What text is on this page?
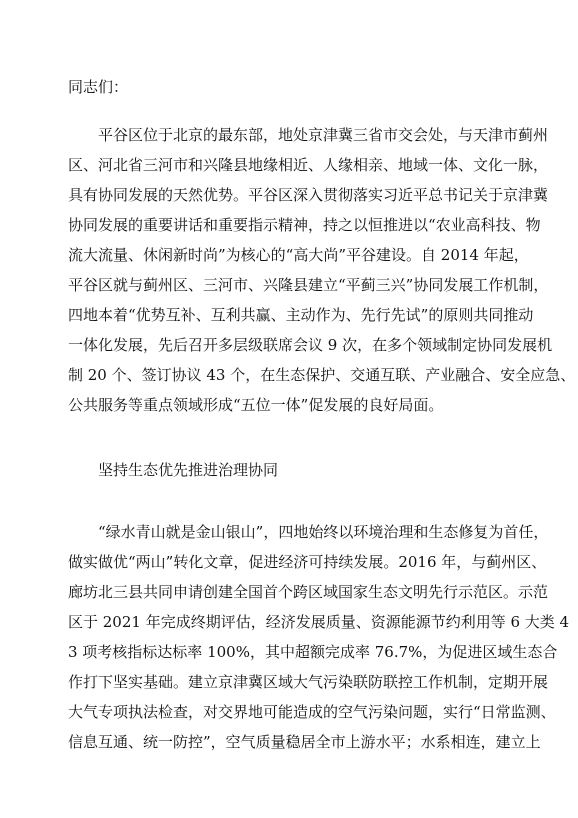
同志们：
平谷区位于北京的最东部，地处京津冀三省市交会处，与天津市蓟州
区、河北省三河市和兴隆县地缘相近、人缘相亲、地域一体、文化一脉，
具有协同发展的天然优势。平谷区深入贯彻落实习近平总书记关于京津冀
协同发展的重要讲话和重要指示精神，持之以恒推进以“农业高科技、物
流大流量、休闲新时尚”为核心的“高大尚”平谷建设。自 2014 年起，
平谷区就与蓟州区、三河市、兴隆县建立“平蓟三兴”协同发展工作机制，
四地本着“优势互补、互利共赢、主动作为、先行先试”的原则共同推动
一体化发展，先后召开多层级联席会议 9 次，在多个领域制定协同发展机
制 20 个、签订协议 43 个，在生态保护、交通互联、产业融合、安全应急、
公共服务等重点领域形成“五位一体”促发展的良好局面。
坚持生态优先推进治理协同
“绿水青山就是金山银山”，四地始终以环境治理和生态修复为首任，
做实做优“两山”转化文章，促进经济可持续发展。2016 年，与蓟州区、
廊坊北三县共同申请创建全国首个跨区域国家生态文明先行示范区。示范
区于 2021 年完成终期评估，经济发展质量、资源能源节约利用等 6 大类 4
3 项考核指标达标率 100%，其中超额完成率 76.7%，为促进区域生态合
作打下坚实基础。建立京津冀区域大气污染联防联控工作机制，定期开展
大气专项执法检查，对交界地可能造成的空气污染问题，实行“日常监测、
信息互通、统一防控”，空气质量稳居全市上游水平；水系相连，建立上
